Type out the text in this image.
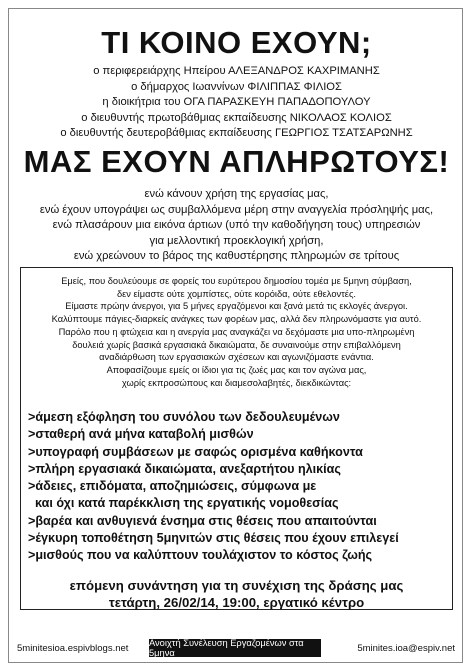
ΤΙ ΚΟΙΝΟ ΕΧΟΥΝ;
ο περιφερειάρχης Ηπείρου ΑΛΕΞΑΝΔΡΟΣ ΚΑΧΡΙΜΑΝΗΣ
ο δήμαρχος Ιωαννίνων ΦΙΛΙΠΠΑΣ ΦΙΛΙΟΣ
η διοικήτρια του ΟΓΑ ΠΑΡΑΣΚΕΥΗ ΠΑΠΑΔΟΠΟΥΛΟΥ
ο διευθυντής πρωτοβάθμιας εκπαίδευσης ΝΙΚΟΛΑΟΣ ΚΟΛΙΟΣ
ο διευθυντής δευτεροβάθμιας εκπαίδευσης ΓΕΩΡΓΙΟΣ ΤΣΑΤΣΑΡΩΝΗΣ
ΜΑΣ ΕΧΟΥΝ ΑΠΛΗΡΩΤΟΥΣ!
ενώ κάνουν χρήση της εργασίας μας,
ενώ έχουν υπογράψει ως συμβαλλόμενα μέρη στην αναγγελία πρόσληψής μας,
ενώ πλασάρουν μια εικόνα άρτιων (υπό την καθοδήγηση τους) υπηρεσιών
για μελλοντική προεκλογική χρήση,
ενώ χρεώνουν το βάρος της καθυστέρησης πληρωμών σε τρίτους
Εμείς, που δουλεύουμε σε φορείς του ευρύτερου δημοσίου τομέα με 5μηνη σύμβαση,
δεν είμαστε ούτε χομπίστες, ούτε κορόιδα, ούτε εθελοντές.
Είμαστε πρώην άνεργοι, για 5 μήνες εργαζόμενοι και ξανά μετά τις εκλογές άνεργοι.
Καλύπτουμε πάγιες-διαρκείς ανάγκες των φορέων μας, αλλά δεν πληρωνόμαστε για αυτό.
Παρόλο που η φτώχεια και η ανεργία μας αναγκάζει να δεχόμαστε μια υπο-πληρωμένη
δουλειά χωρίς βασικά εργασιακά δικαιώματα, δε συναινούμε στην επιβαλλόμενη
αναδιάρθωση των εργασιακών σχέσεων και αγωνιζόμαστε ενάντια.
Αποφασίζουμε εμείς οι ίδιοι για τις ζωές μας και τον αγώνα μας,
χωρίς εκπροσώπους και διαμεσολαβητές, διεκδικώντας:
>άμεση εξόφληση του συνόλου των δεδουλευμένων
>σταθερή ανά μήνα καταβολή μισθών
>υπογραφή συμβάσεων με σαφώς ορισμένα καθήκοντα
>πλήρη εργασιακά δικαιώματα, ανεξαρτήτου ηλικίας
>άδειες, επιδόματα, αποζημιώσεις, σύμφωνα με
και όχι κατά παρέκκλιση της εργατικής νομοθεσίας
>βαρέα και ανθυγιενά ένσημα στις θέσεις που απαιτούνται
>έγκυρη τοποθέτηση 5μηνιτών στις θέσεις που έχουν επιλεγεί
>μισθούς που να καλύπτουν τουλάχιστον το κόστος ζωής
επόμενη συνάντηση για τη συνέχιση της δράσης μας
τετάρτη, 26/02/14, 19:00, εργατικό κέντρο
5minitesioa.espivblogs.net Ανοιχτή Συνέλευση Εργαζομένων στα 5μηνα	5minites.ioa@espiv.net
